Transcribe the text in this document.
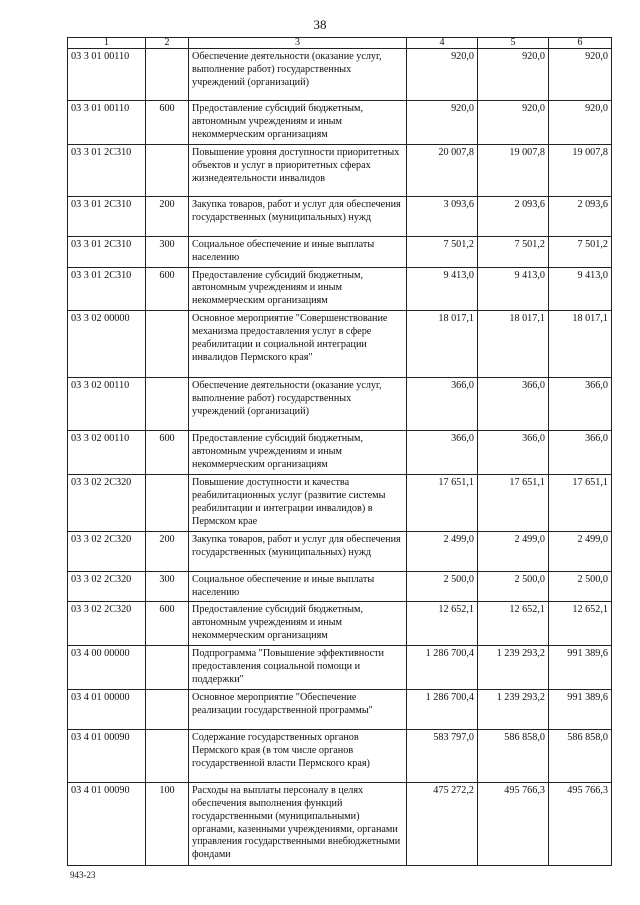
38
1	2	3	4	5	6
03 3 01 00110		Обеспечение деятельности (оказание услуг, выполнение работ) государственных учреждений (организаций)	920,0	920,0	920,0
03 3 01 00110	600	Предоставление субсидий бюджетным, автономным учреждениям и иным некоммерческим организациям	920,0	920,0	920,0
03 3 01 2С310		Повышение уровня доступности приоритетных объектов и услуг в приоритетных сферах жизнедеятельности инвалидов	20 007,8	19 007,8	19 007,8
03 3 01 2С310	200	Закупка товаров, работ и услуг для обеспечения государственных (муниципальных) нужд	3 093,6	2 093,6	2 093,6
03 3 01 2С310	300	Социальное обеспечение и иные выплаты населению	7 501,2	7 501,2	7 501,2
03 3 01 2С310	600	Предоставление субсидий бюджетным, автономным учреждениям и иным некоммерческим организациям	9 413,0	9 413,0	9 413,0
03 3 02 00000		Основное мероприятие "Совершенствование механизма предоставления услуг в сфере реабилитации и социальной интеграции инвалидов Пермского края"	18 017,1	18 017,1	18 017,1
03 3 02 00110		Обеспечение деятельности (оказание услуг, выполнение работ) государственных учреждений (организаций)	366,0	366,0	366,0
03 3 02 00110	600	Предоставление субсидий бюджетным, автономным учреждениям и иным некоммерческим организациям	366,0	366,0	366,0
03 3 02 2С320		Повышение доступности и качества реабилитационных услуг (развитие системы реабилитации и интеграции инвалидов) в Пермском крае	17 651,1	17 651,1	17 651,1
03 3 02 2С320	200	Закупка товаров, работ и услуг для обеспечения государственных (муниципальных) нужд	2 499,0	2 499,0	2 499,0
03 3 02 2С320	300	Социальное обеспечение и иные выплаты населению	2 500,0	2 500,0	2 500,0
03 3 02 2С320	600	Предоставление субсидий бюджетным, автономным учреждениям и иным некоммерческим организациям	12 652,1	12 652,1	12 652,1
03 4 00 00000		Подпрограмма "Повышение эффективности предоставления социальной помощи и поддержки"	1 286 700,4	1 239 293,2	991 389,6
03 4 01 00000		Основное мероприятие "Обеспечение реализации государственной программы"	1 286 700,4	1 239 293,2	991 389,6
03 4 01 00090		Содержание государственных органов Пермского края (в том числе органов государственной власти Пермского края)	583 797,0	586 858,0	586 858,0
03 4 01 00090	100	Расходы на выплаты персоналу в целях обеспечения выполнения функций государственными (муниципальными) органами, казенными учреждениями, органами управления государственными внебюджетными фондами	475 272,2	495 766,3	495 766,3
943-23
